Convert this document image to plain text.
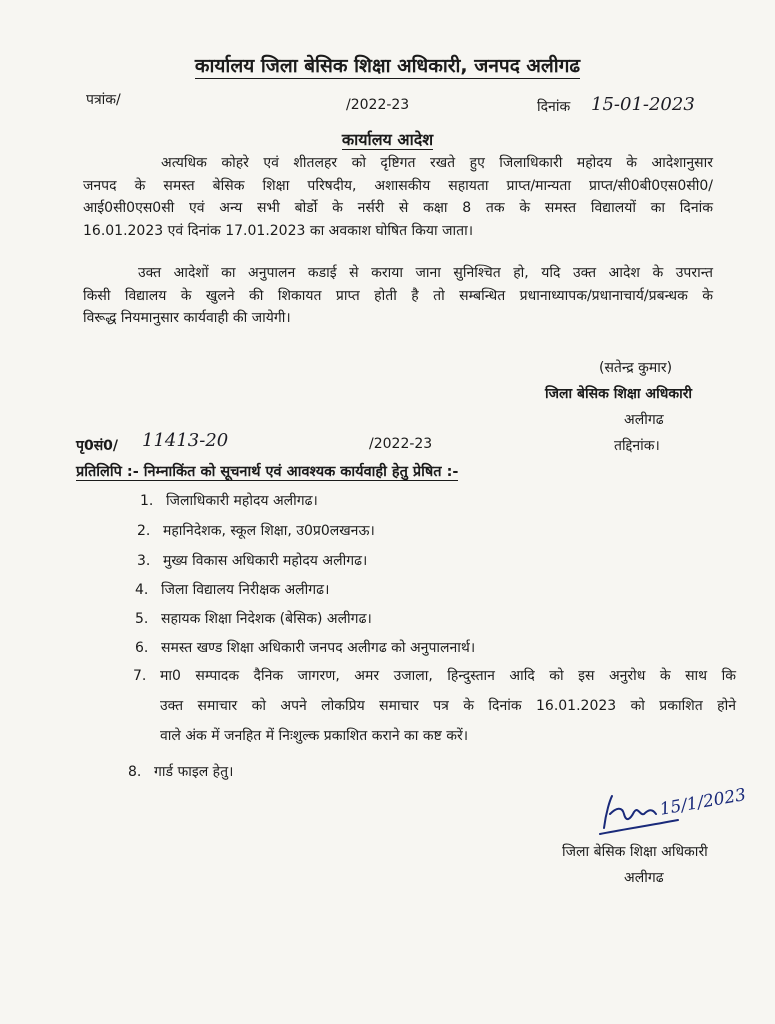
कार्यालय जिला बेसिक शिक्षा अधिकारी, जनपद अलीगढ
पत्रांक/	/2022-23	दिनांक 15-01-2023
कार्यालय आदेश
अत्यधिक कोहरे एवं शीतलहर को दृष्टिगत रखते हुए जिलाधिकारी महोदय के आदेशानुसार
जनपद के समस्त बेसिक शिक्षा परिषदीय, अशासकीय सहायता प्राप्त/मान्यता प्राप्त/सी0बी0एस0सी0/
आई0सी0एस0सी एवं अन्य सभी बोर्डो के नर्सरी से कक्षा 8 तक के समस्त विद्यालयों का दिनांक
16.01.2023 एवं दिनांक 17.01.2023 का अवकाश घोषित किया जाता।
उक्त आदेशों का अनुपालन कडाई से कराया जाना सुनिश्चित हो, यदि उक्त आदेश के उपरान्त
किसी विद्यालय के खुलने की शिकायत प्राप्त होती है तो सम्बन्धित प्रधानाध्यापक/प्रधानाचार्य/प्रबन्धक के
विरूद्ध नियमानुसार कार्यवाही की जायेगी।
(सतेन्द्र कुमार)
जिला बेसिक शिक्षा अधिकारी
अलीगढ
तद्दिनांक।
पृ0सं0/ 11413-20	/2022-23
प्रतिलिपि :- निम्नाकिंत को सूचनार्थ एवं आवश्यक कार्यवाही हेतु प्रेषित :-
1. जिलाधिकारी महोदय अलीगढ।
2. महानिदेशक, स्कूल शिक्षा, उ0प्र0लखनऊ।
3. मुख्य विकास अधिकारी महोदय अलीगढ।
4. जिला विद्यालय निरीक्षक अलीगढ।
5. सहायक शिक्षा निदेशक (बेसिक) अलीगढ।
6. समस्त खण्ड शिक्षा अधिकारी जनपद अलीगढ को अनुपालनार्थ।
7. मा0 सम्पादक दैनिक जागरण, अमर उजाला, हिन्दुस्तान आदि को इस अनुरोध के साथ कि
उक्त समाचार को अपने लोकप्रिय समाचार पत्र के दिनांक 16.01.2023 को प्रकाशित होने
वाले अंक में जनहित में निःशुल्क प्रकाशित कराने का कष्ट करें।
8. गार्ड फाइल हेतु।
15/1/2023
जिला बेसिक शिक्षा अधिकारी
अलीगढ
